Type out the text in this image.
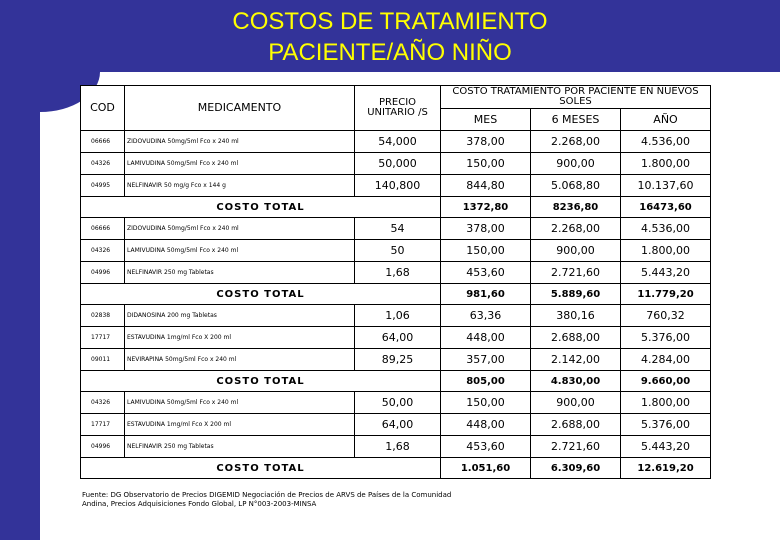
COSTOS DE TRATAMIENTO
PACIENTE/AÑO NIÑO
COD	MEDICAMENTO	PRECIO UNITARIO /S	COSTO TRATAMIENTO POR PACIENTE EN NUEVOS SOLES		
			MES	6 MESES	AÑO
06666	ZIDOVUDINA 50mg/5ml Fco x 240 ml	54,000	378,00	2.268,00	4.536,00
04326	LAMIVUDINA 50mg/5ml Fco x 240 ml	50,000	150,00	900,00	1.800,00
04995	NELFINAVIR 50 mg/g Fco x 144 g	140,800	844,80	5.068,80	10.137,60
COSTO TOTAL			1372,80	8236,80	16473,60
06666	ZIDOVUDINA 50mg/5ml Fco x 240 ml	54	378,00	2.268,00	4.536,00
04326	LAMIVUDINA 50mg/5ml Fco x 240 ml	50	150,00	900,00	1.800,00
04996	NELFINAVIR 250 mg Tabletas	1,68	453,60	2.721,60	5.443,20
COSTO TOTAL			981,60	5.889,60	11.779,20
02838	DIDANOSINA 200 mg Tabletas	1,06	63,36	380,16	760,32
17717	ESTAVUDINA 1mg/ml Fco X 200 ml	64,00	448,00	2.688,00	5.376,00
09011	NEVIRAPINA 50mg/5ml Fco x 240 ml	89,25	357,00	2.142,00	4.284,00
COSTO TOTAL			805,00	4.830,00	9.660,00
04326	LAMIVUDINA 50mg/5ml Fco x 240 ml	50,00	150,00	900,00	1.800,00
17717	ESTAVUDINA 1mg/ml Fco X 200 ml	64,00	448,00	2.688,00	5.376,00
04996	NELFINAVIR 250 mg Tabletas	1,68	453,60	2.721,60	5.443,20
COSTO TOTAL			1.051,60	6.309,60	12.619,20
Fuente: DG Observatorio de Precios DIGEMID Negociación de Precios de ARVS de Países de la Comunidad
Andina, Precios Adquisiciones Fondo Global, LP N°003-2003-MINSA
